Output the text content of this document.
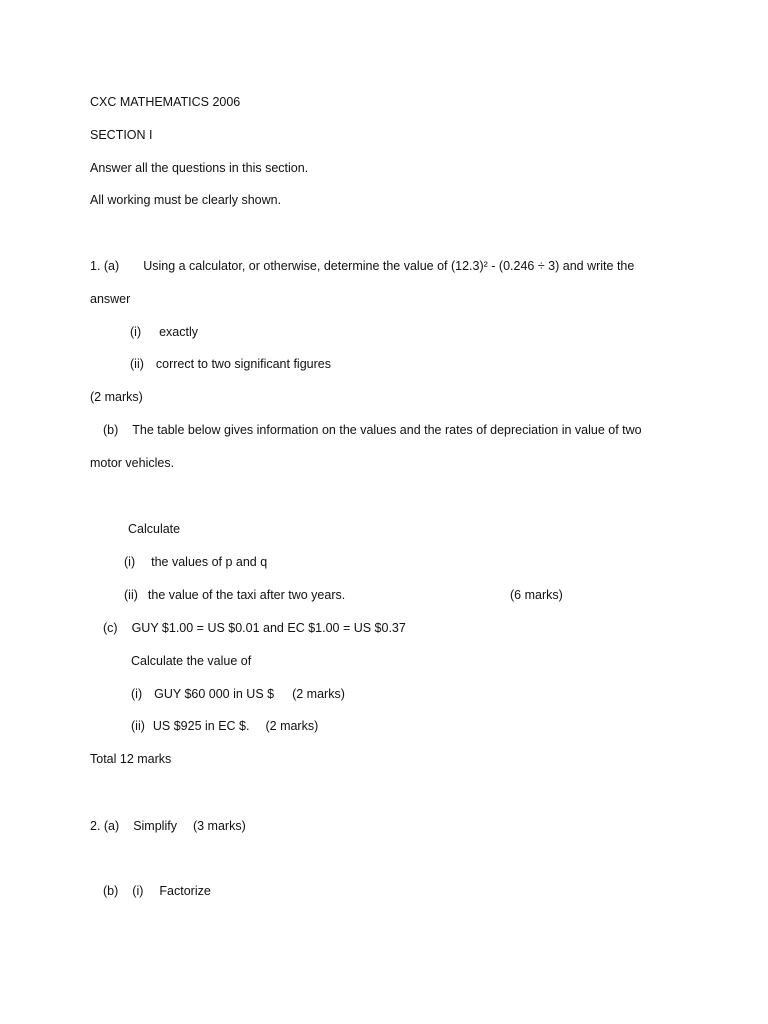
CXC MATHEMATICS 2006
SECTION I
Answer all the questions in this section.
All working must be clearly shown.
1. (a) Using a calculator, or otherwise, determine the value of (12.3)² - (0.246 ÷ 3) and write the
answer
(i) exactly
(ii) correct to two significant figures
(2 marks)
(b) The table below gives information on the values and the rates of depreciation in value of two
motor vehicles.
Calculate
(i) the values of p and q
(ii) the value of the taxi after two years.	(6 marks)
(c) GUY $1.00 = US $0.01 and EC $1.00 = US $0.37
Calculate the value of
(i) GUY $60 000 in US $ (2 marks)
(ii) US $925 in EC $. (2 marks)
Total 12 marks
2. (a) Simplify (3 marks)
(b) (i) Factorize
